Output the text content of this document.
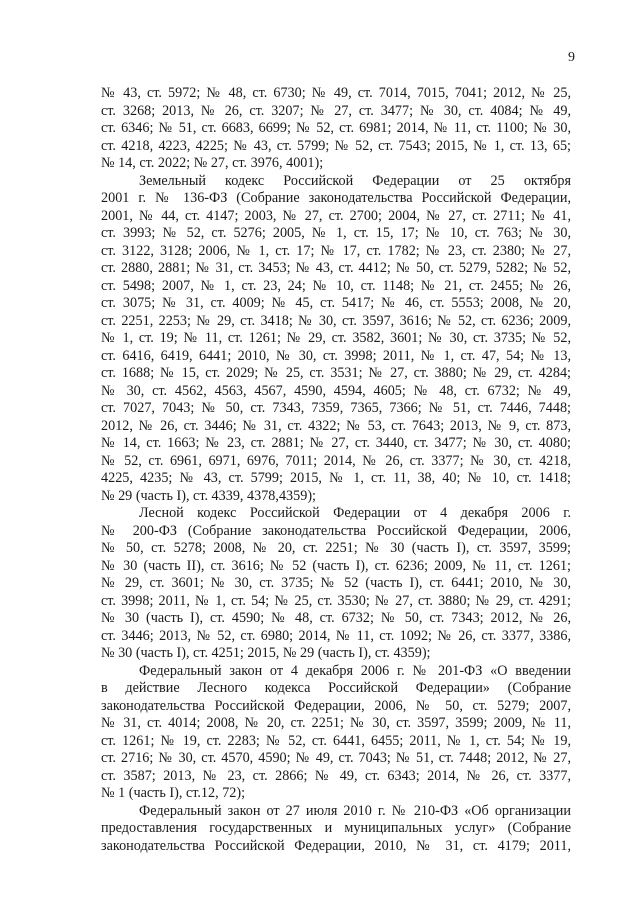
9

№ 43, ст. 5972; № 48, ст. 6730; № 49, ст. 7014, 7015, 7041; 2012, № 25,
ст. 3268; 2013, № 26, ст. 3207; № 27, ст. 3477; № 30, ст. 4084; № 49,
ст. 6346; № 51, ст. 6683, 6699; № 52, ст. 6981; 2014, № 11, ст. 1100; № 30,
ст. 4218, 4223, 4225; № 43, ст. 5799; № 52, ст. 7543; 2015, № 1, ст. 13, 65;
№ 14, ст. 2022; № 27, ст. 3976, 4001);

Земельный кодекс Российской Федерации от 25 октября
2001 г. № 136-ФЗ (Собрание законодательства Российской Федерации,
2001, № 44, ст. 4147; 2003, № 27, ст. 2700; 2004, № 27, ст. 2711; № 41,
ст. 3993; № 52, ст. 5276; 2005, № 1, ст. 15, 17; № 10, ст. 763; № 30,
ст. 3122, 3128; 2006, № 1, ст. 17; № 17, ст. 1782; № 23, ст. 2380; № 27,
ст. 2880, 2881; № 31, ст. 3453; № 43, ст. 4412; № 50, ст. 5279, 5282; № 52,
ст. 5498; 2007, № 1, ст. 23, 24; № 10, ст. 1148; № 21, ст. 2455; № 26,
ст. 3075; № 31, ст. 4009; № 45, ст. 5417; № 46, ст. 5553; 2008, № 20,
ст. 2251, 2253; № 29, ст. 3418; № 30, ст. 3597, 3616; № 52, ст. 6236; 2009,
№ 1, ст. 19; № 11, ст. 1261; № 29, ст. 3582, 3601; № 30, ст. 3735; № 52,
ст. 6416, 6419, 6441; 2010, № 30, ст. 3998; 2011, № 1, ст. 47, 54; № 13,
ст. 1688; № 15, ст. 2029; № 25, ст. 3531; № 27, ст. 3880; № 29, ст. 4284;
№ 30, ст. 4562, 4563, 4567, 4590, 4594, 4605; № 48, ст. 6732; № 49,
ст. 7027, 7043; № 50, ст. 7343, 7359, 7365, 7366; № 51, ст. 7446, 7448;
2012, № 26, ст. 3446; № 31, ст. 4322; № 53, ст. 7643; 2013, № 9, ст. 873,
№ 14, ст. 1663; № 23, ст. 2881; № 27, ст. 3440, ст. 3477; № 30, ст. 4080;
№ 52, ст. 6961, 6971, 6976, 7011; 2014, № 26, ст. 3377; № 30, ст. 4218,
4225, 4235; № 43, ст. 5799; 2015, № 1, ст. 11, 38, 40; № 10, ст. 1418;
№ 29 (часть I), ст. 4339, 4378,4359);

Лесной кодекс Российской Федерации от 4 декабря 2006 г.
№ 200-ФЗ (Собрание законодательства Российской Федерации, 2006,
№ 50, ст. 5278; 2008, № 20, ст. 2251; № 30 (часть I), ст. 3597, 3599;
№ 30 (часть II), ст. 3616; № 52 (часть I), ст. 6236; 2009, № 11, ст. 1261;
№ 29, ст. 3601; № 30, ст. 3735; № 52 (часть I), ст. 6441; 2010, № 30,
ст. 3998; 2011, № 1, ст. 54; № 25, ст. 3530; № 27, ст. 3880; № 29, ст. 4291;
№ 30 (часть I), ст. 4590; № 48, ст. 6732; № 50, ст. 7343; 2012, № 26,
ст. 3446; 2013, № 52, ст. 6980; 2014, № 11, ст. 1092; № 26, ст. 3377, 3386,
№ 30 (часть I), ст. 4251; 2015, № 29 (часть I), ст. 4359);

Федеральный закон от 4 декабря 2006 г. № 201-ФЗ «О введении
в действие Лесного кодекса Российской Федерации» (Собрание
законодательства Российской Федерации, 2006, № 50, ст. 5279; 2007,
№ 31, ст. 4014; 2008, № 20, ст. 2251; № 30, ст. 3597, 3599; 2009, № 11,
ст. 1261; № 19, ст. 2283; № 52, ст. 6441, 6455; 2011, № 1, ст. 54; № 19,
ст. 2716; № 30, ст. 4570, 4590; № 49, ст. 7043; № 51, ст. 7448; 2012, № 27,
ст. 3587; 2013, № 23, ст. 2866; № 49, ст. 6343; 2014, № 26, ст. 3377,
№ 1 (часть I), ст.12, 72);

Федеральный закон от 27 июля 2010 г. № 210-ФЗ «Об организации
предоставления государственных и муниципальных услуг» (Собрание
законодательства Российской Федерации, 2010, № 31, ст. 4179; 2011,
